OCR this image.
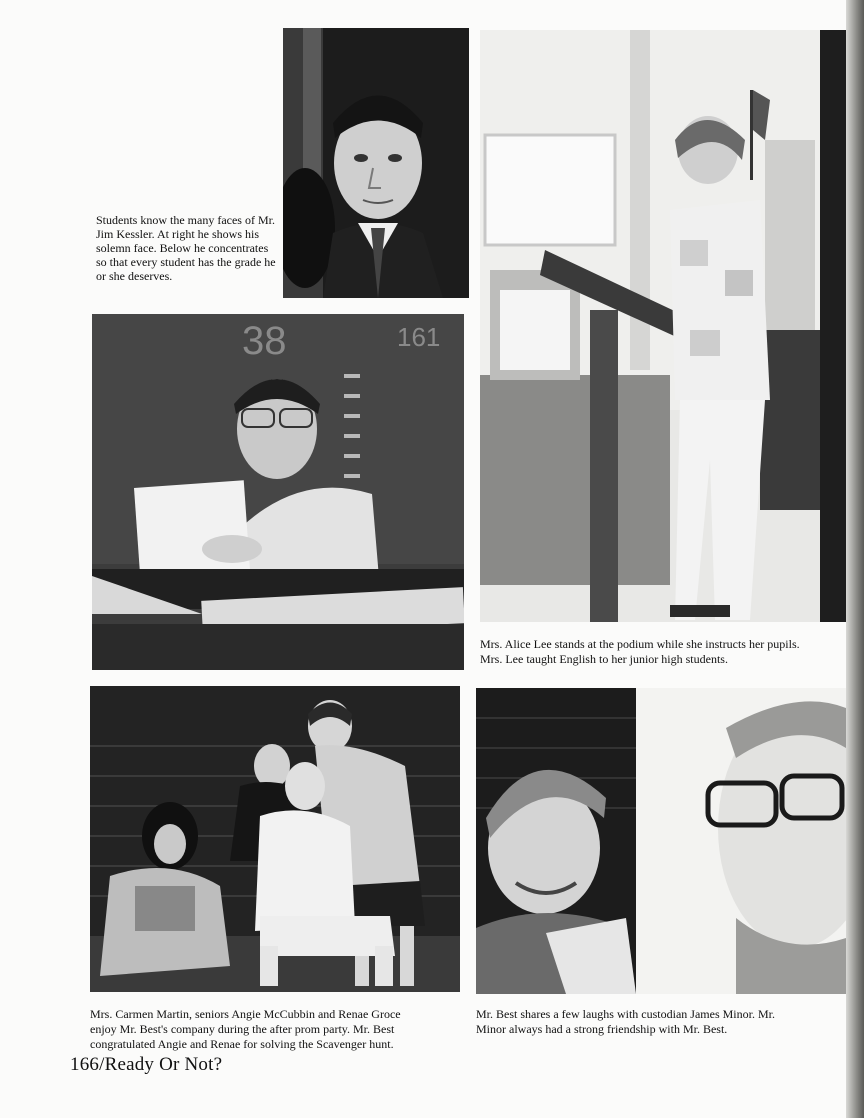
Students know the many faces of Mr. Jim Kessler. At right he shows his solemn face. Below he concentrates so that every student has the grade he or she deserves.
38	161
Mrs. Alice Lee stands at the podium while she instructs her pupils.
Mrs. Lee taught English to her junior high students.
Mrs. Carmen Martin, seniors Angie McCubbin and Renae Groce
enjoy Mr. Best's company during the after prom party. Mr. Best
congratulated Angie and Renae for solving the Scavenger hunt.
Mr. Best shares a few laughs with custodian James Minor. Mr.
Minor always had a strong friendship with Mr. Best.
166/Ready Or Not?
